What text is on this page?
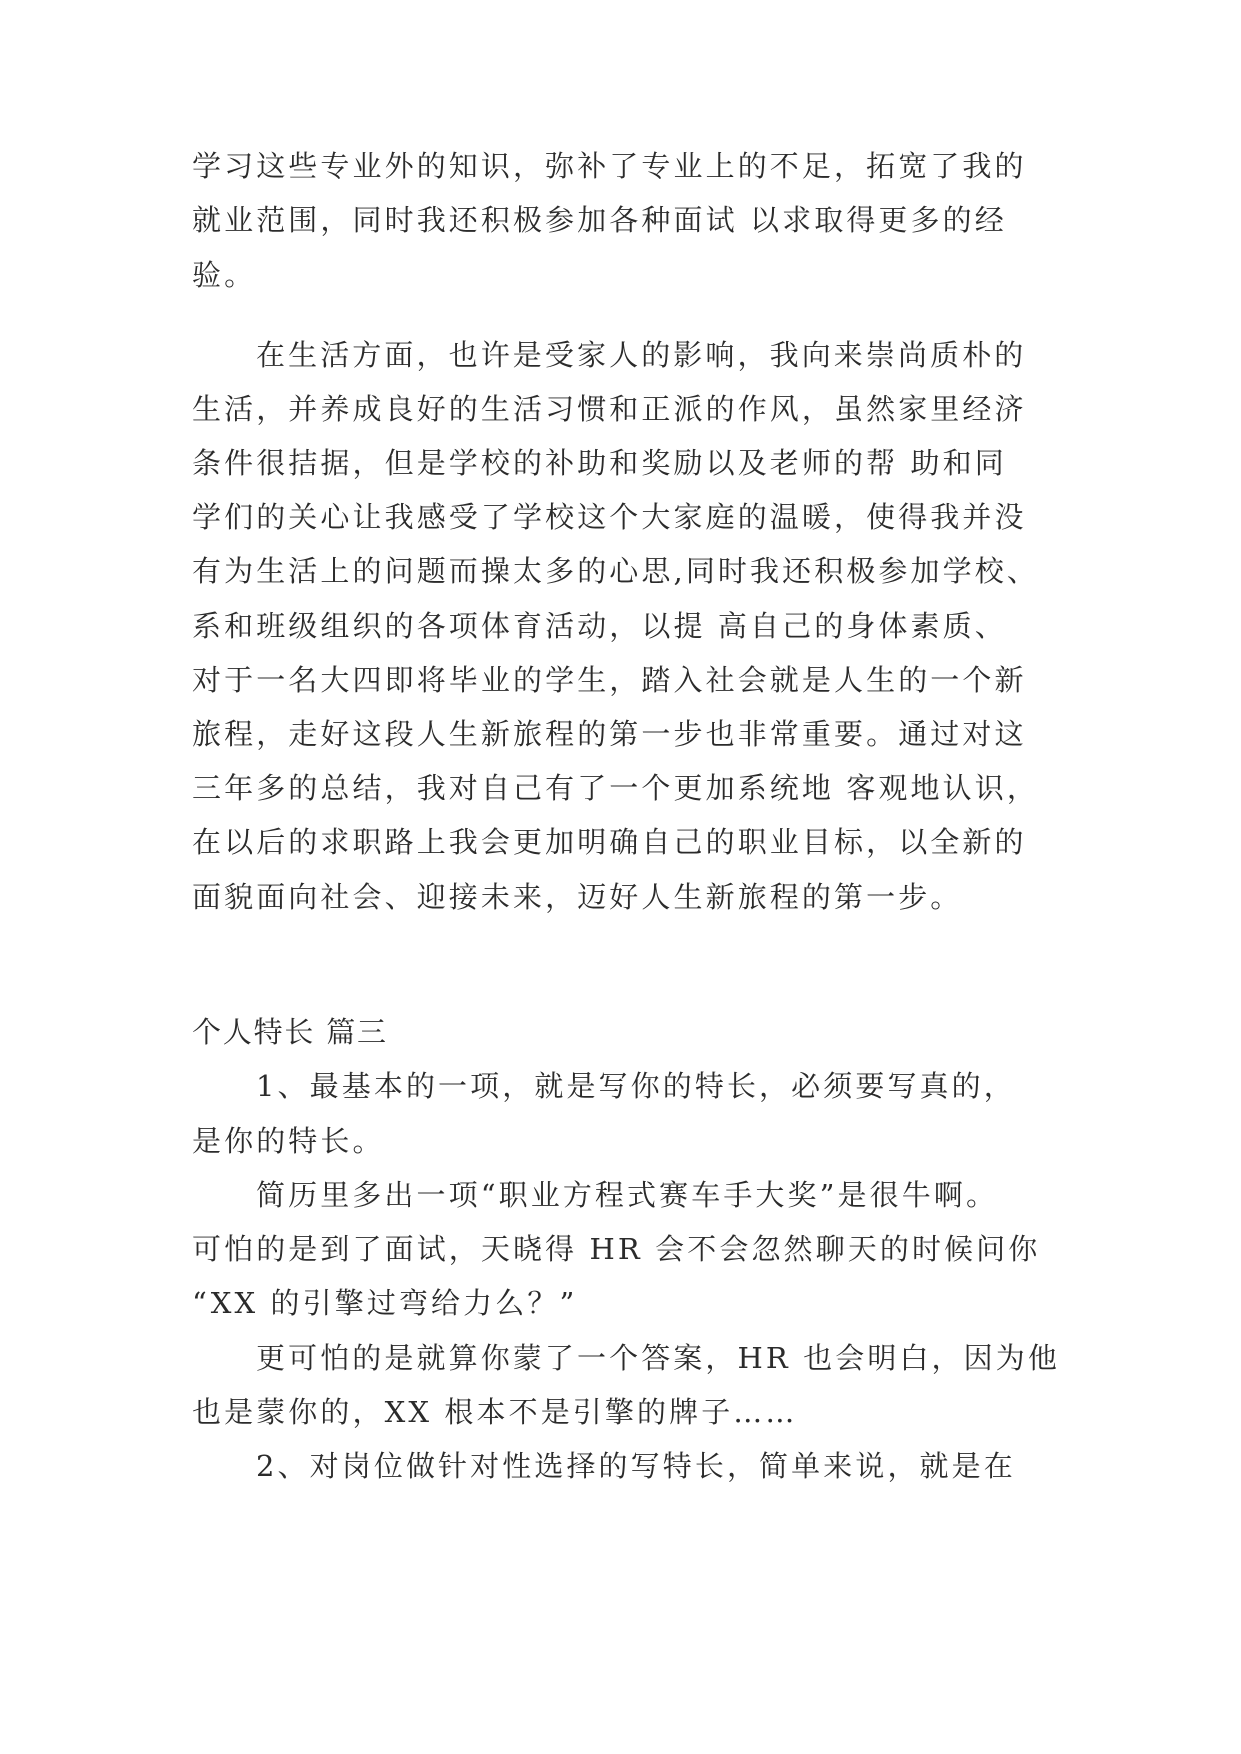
学习这些专业外的知识，弥补了专业上的不足，拓宽了我的
就业范围，同时我还积极参加各种面试 以求取得更多的经
验。
在生活方面，也许是受家人的影响，我向来崇尚质朴的
生活，并养成良好的生活习惯和正派的作风，虽然家里经济
条件很拮据，但是学校的补助和奖励以及老师的帮 助和同
学们的关心让我感受了学校这个大家庭的温暖，使得我并没
有为生活上的问题而操太多的心思,同时我还积极参加学校、
系和班级组织的各项体育活动，以提 高自己的身体素质、
对于一名大四即将毕业的学生，踏入社会就是人生的一个新
旅程，走好这段人生新旅程的第一步也非常重要。通过对这
三年多的总结，我对自己有了一个更加系统地 客观地认识，
在以后的求职路上我会更加明确自己的职业目标，以全新的
面貌面向社会、迎接未来，迈好人生新旅程的第一步。
个人特长 篇三
1、最基本的一项，就是写你的特长，必须要写真的，
是你的特长。
简历里多出一项“职业方程式赛车手大奖”是很牛啊。
可怕的是到了面试，天晓得 HR 会不会忽然聊天的时候问你
“XX 的引擎过弯给力么？”
更可怕的是就算你蒙了一个答案，HR 也会明白，因为他
也是蒙你的，XX 根本不是引擎的牌子……
2、对岗位做针对性选择的写特长，简单来说，就是在
